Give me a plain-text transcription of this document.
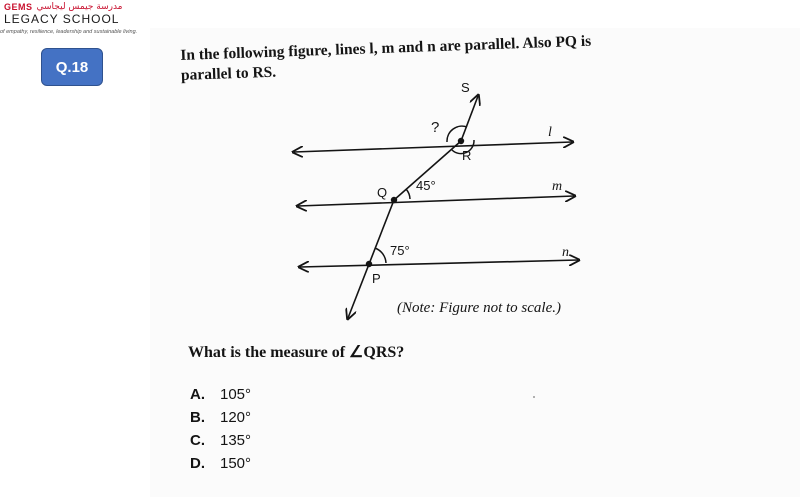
GEMS مدرسة جيمس ليجاسي
LEGACY SCHOOL
of empathy, resilience, leadership and sustainable living.
Q.18
In the following figure, lines l, m and n are parallel. Also PQ is
parallel to RS.
S
R
Q
P
l
m
n
?
45°
75°
(Note: Figure not to scale.)
What is the measure of ∠QRS?
A.	105°
B.	120°
C.	135°
D.	150°
